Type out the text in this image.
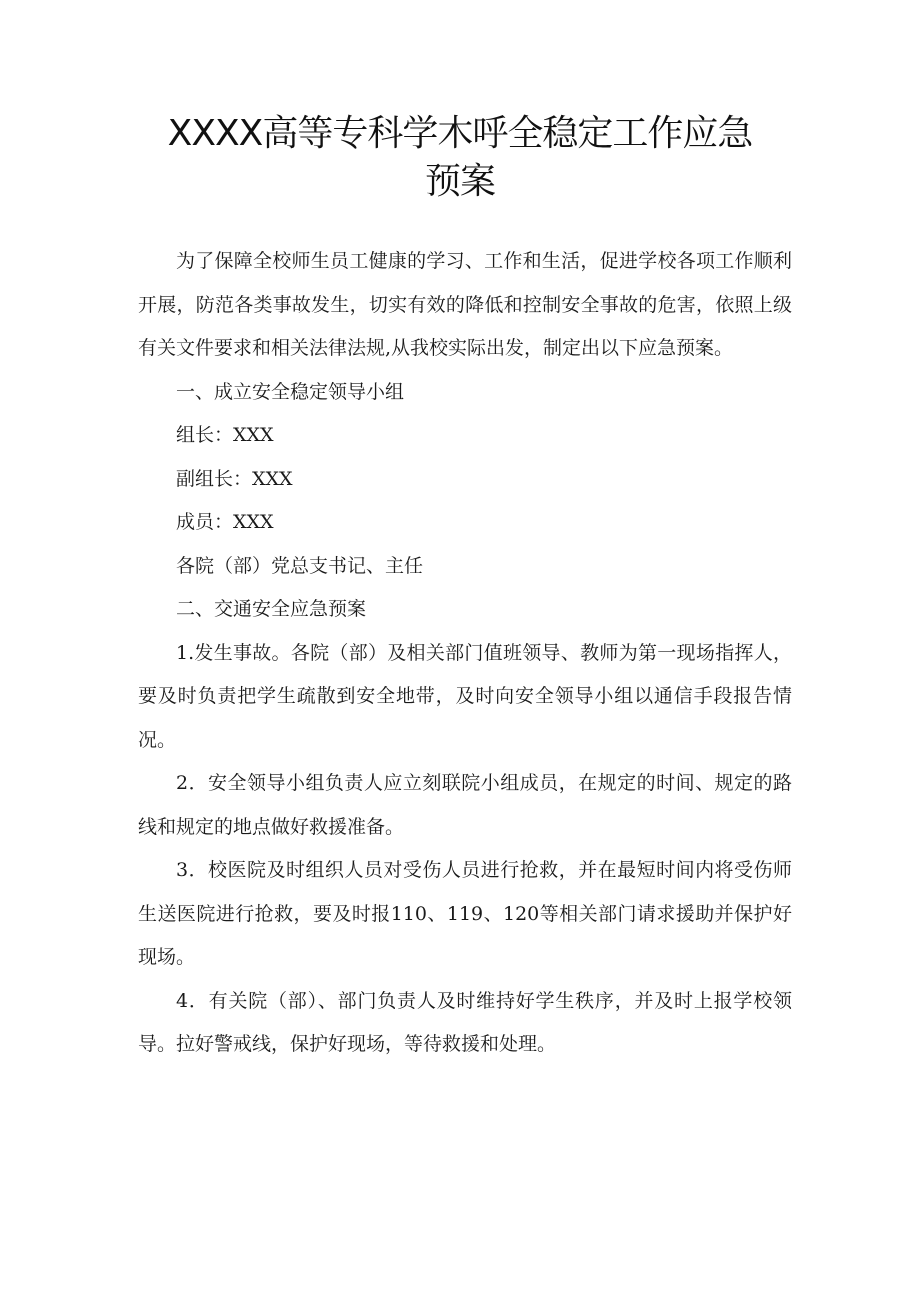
XXXX高等专科学木呼全稳定工作应急
预案

为了保障全校师生员工健康的学习、工作和生活，促进学校各项工作顺利开展，防范各类事故发生，切实有效的降低和控制安全事故的危害，依照上级有关文件要求和相关法律法规,从我校实际出发，制定出以下应急预案。

一、成立安全稳定领导小组

组长：XXX

副组长：XXX

成员：XXX

各院（部）党总支书记、主任

二、交通安全应急预案

1.发生事故。各院（部）及相关部门值班领导、教师为第一现场指挥人，要及时负责把学生疏散到安全地带，及时向安全领导小组以通信手段报告情况。

2．安全领导小组负责人应立刻联院小组成员，在规定的时间、规定的路线和规定的地点做好救援准备。

3．校医院及时组织人员对受伤人员进行抢救，并在最短时间内将受伤师生送医院进行抢救，要及时报110、119、120等相关部门请求援助并保护好现场。

4．有关院（部）、部门负责人及时维持好学生秩序，并及时上报学校领导。拉好警戒线，保护好现场，等待救援和处理。
